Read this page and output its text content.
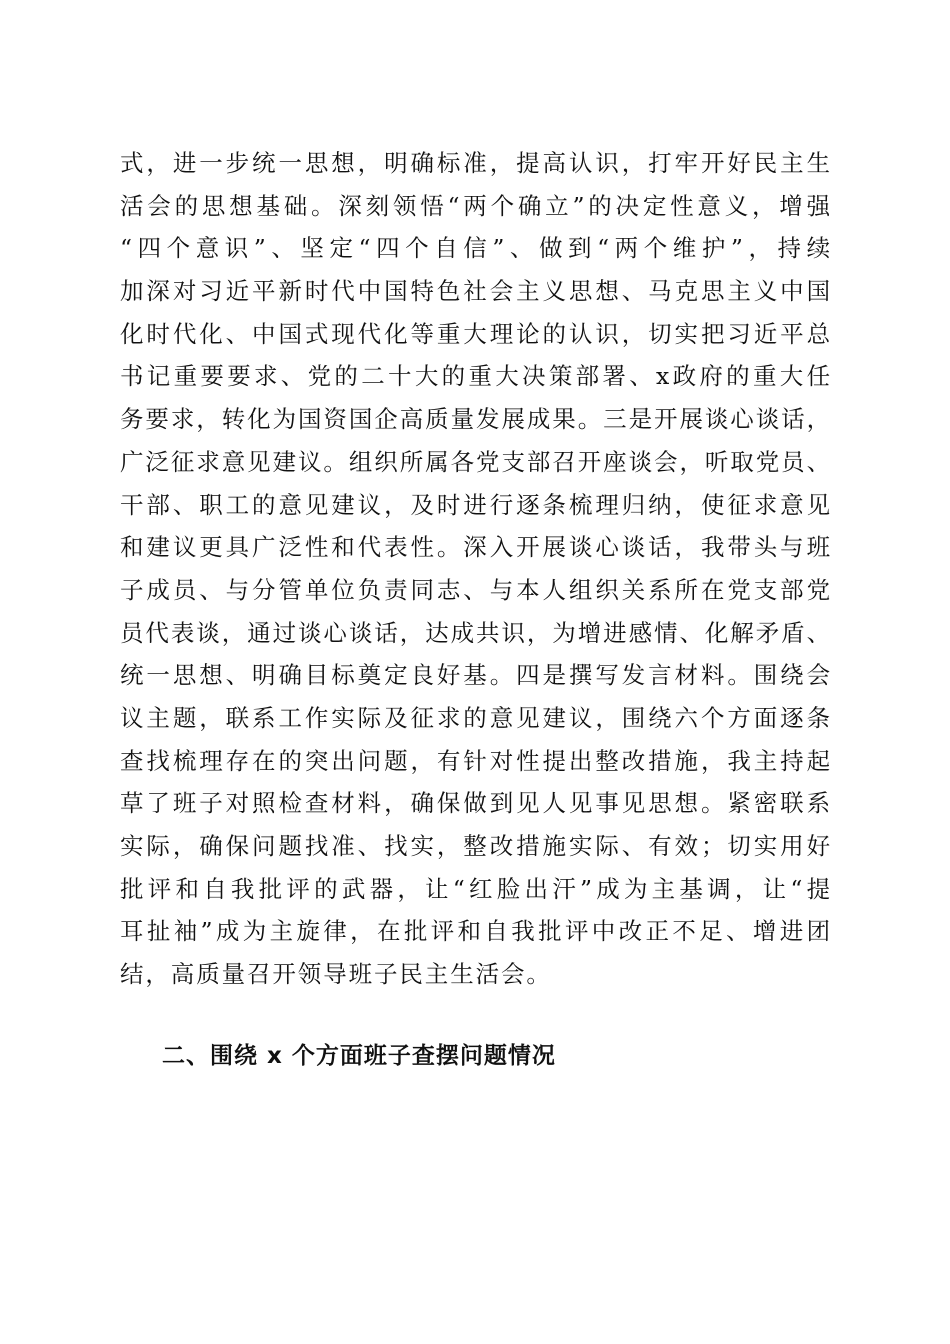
式，进一步统一思想，明确标准，提高认识，打牢开好民主生
活会的思想基础。深刻领悟“两个确立”的决定性意义，增强
“四个意识”、坚定“四个自信”、做到“两个维护”，持续
加深对习近平新时代中国特色社会主义思想、马克思主义中国
化时代化、中国式现代化等重大理论的认识，切实把习近平总
书记重要要求、党的二十大的重大决策部署、x政府的重大任
务要求，转化为国资国企高质量发展成果。三是开展谈心谈话，
广泛征求意见建议。组织所属各党支部召开座谈会，听取党员、
干部、职工的意见建议，及时进行逐条梳理归纳，使征求意见
和建议更具广泛性和代表性。深入开展谈心谈话，我带头与班
子成员、与分管单位负责同志、与本人组织关系所在党支部党
员代表谈，通过谈心谈话，达成共识，为增进感情、化解矛盾、
统一思想、明确目标奠定良好基。四是撰写发言材料。围绕会
议主题，联系工作实际及征求的意见建议，围绕六个方面逐条
查找梳理存在的突出问题，有针对性提出整改措施，我主持起
草了班子对照检查材料，确保做到见人见事见思想。紧密联系
实际，确保问题找准、找实，整改措施实际、有效；切实用好
批评和自我批评的武器，让“红脸出汗”成为主基调，让“提
耳扯袖”成为主旋律，在批评和自我批评中改正不足、增进团
结，高质量召开领导班子民主生活会。
二、围绕 x 个方面班子查摆问题情况
